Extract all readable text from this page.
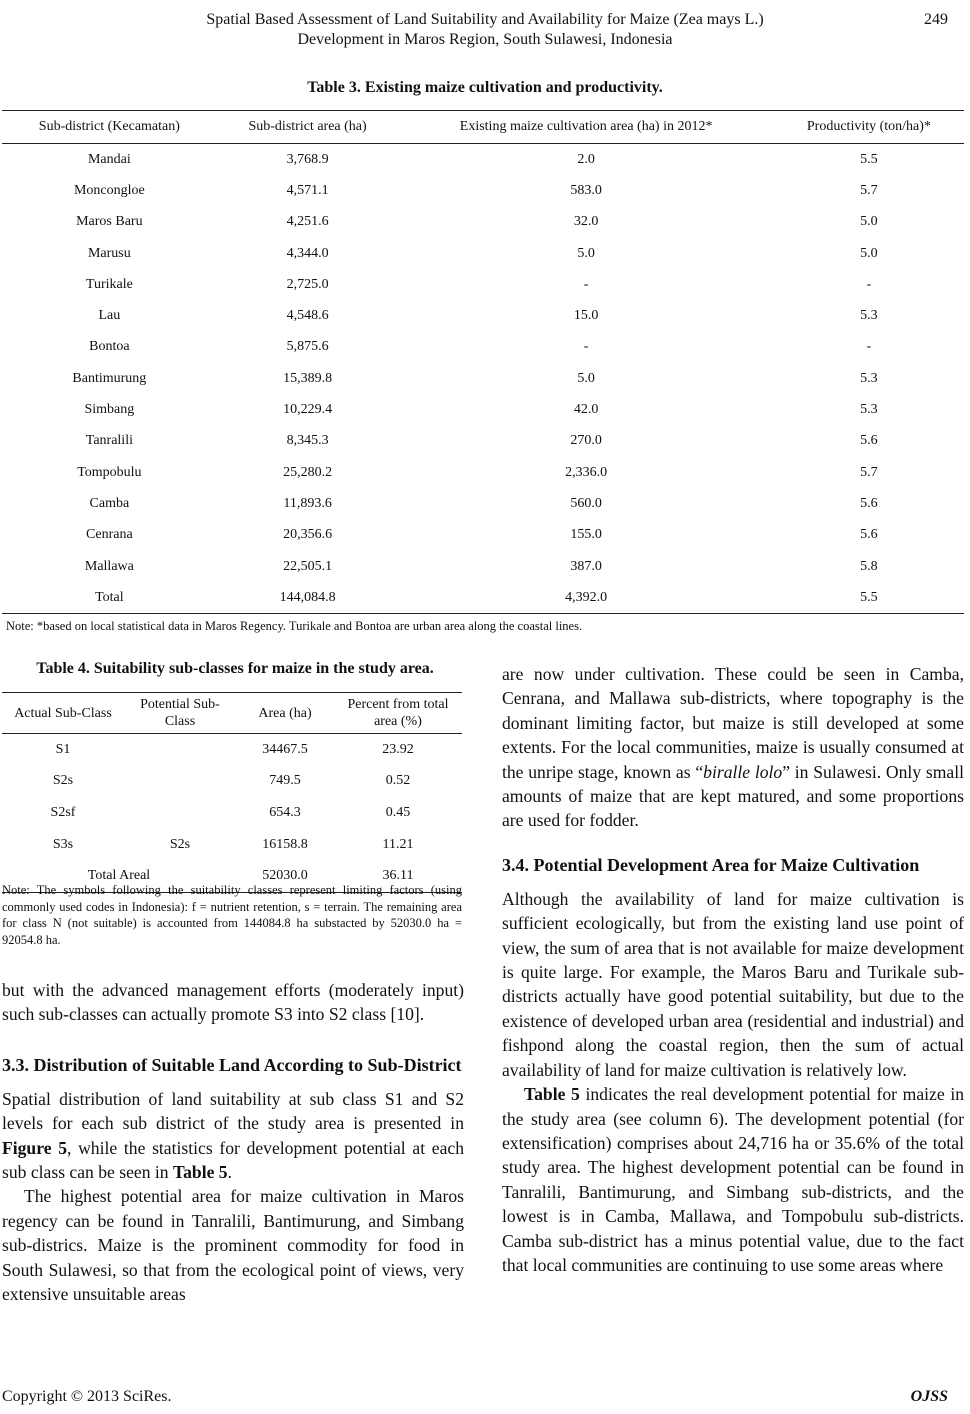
Spatial Based Assessment of Land Suitability and Availability for Maize (Zea mays L.)
Development in Maros Region, South Sulawesi, Indonesia
249
Table 3. Existing maize cultivation and productivity.
Sub-district (Kecamatan)	Sub-district area (ha)	Existing maize cultivation area (ha) in 2012*	Productivity (ton/ha)*
Mandai	3,768.9	2.0	5.5
Moncongloe	4,571.1	583.0	5.7
Maros Baru	4,251.6	32.0	5.0
Marusu	4,344.0	5.0	5.0
Turikale	2,725.0	-	-
Lau	4,548.6	15.0	5.3
Bontoa	5,875.6	-	-
Bantimurung	15,389.8	5.0	5.3
Simbang	10,229.4	42.0	5.3
Tanralili	8,345.3	270.0	5.6
Tompobulu	25,280.2	2,336.0	5.7
Camba	11,893.6	560.0	5.6
Cenrana	20,356.6	155.0	5.6
Mallawa	22,505.1	387.0	5.8
Total	144,084.8	4,392.0	5.5
Note: *based on local statistical data in Maros Regency. Turikale and Bontoa are urban area along the coastal lines.
Table 4. Suitability sub-classes for maize in the study area.
Actual Sub-Class	Potential Sub-Class	Area (ha)	Percent from total area (%)
S1		34467.5	23.92
S2s		749.5	0.52
S2sf		654.3	0.45
S3s	S2s	16158.8	11.21
Total Areal		52030.0	36.11
Note: The symbols following the suitability classes represent limiting factors (using commonly used codes in Indonesia): f = nutrient retention, s = terrain. The remaining area for class N (not suitable) is accounted from 144084.8 ha substacted by 52030.0 ha = 92054.8 ha.

but with the advanced management efforts (moderately input) such sub-classes can actually promote S3 into S2 class [10].

3.3. Distribution of Suitable Land According to Sub-District

Spatial distribution of land suitability at sub class S1 and S2 levels for each sub district of the study area is presented in Figure 5, while the statistics for development potential at each sub class can be seen in Table 5.

The highest potential area for maize cultivation in Maros regency can be found in Tanralili, Bantimurung, and Simbang sub-districs. Maize is the prominent commodity for food in South Sulawesi, so that from the ecological point of views, very extensive unsuitable areas

are now under cultivation. These could be seen in Camba, Cenrana, and Mallawa sub-districts, where topography is the dominant limiting factor, but maize is still developed at some extents. For the local communities, maize is usually consumed at the unripe stage, known as “biralle lolo” in Sulawesi. Only small amounts of maize that are kept matured, and some proportions are used for fodder.

3.4. Potential Development Area for Maize Cultivation

Although the availability of land for maize cultivation is sufficient ecologically, but from the existing land use point of view, the sum of area that is not available for maize development is quite large. For example, the Maros Baru and Turikale sub-districts actually have good potential suitability, but due to the existence of developed urban area (residential and industrial) and fishpond along the coastal region, then the sum of actual availability of land for maize cultivation is relatively low.

Table 5 indicates the real development potential for maize in the study area (see column 6). The development potential (for extensification) comprises about 24,716 ha or 35.6% of the total study area. The highest development potential can be found in Tanralili, Bantimurung, and Simbang sub-districts, and the lowest is in Camba, Mallawa, and Tompobulu sub-districts. Camba sub-district has a minus potential value, due to the fact that local communities are continuing to use some areas where

Copyright © 2013 SciRes.	OJSS
